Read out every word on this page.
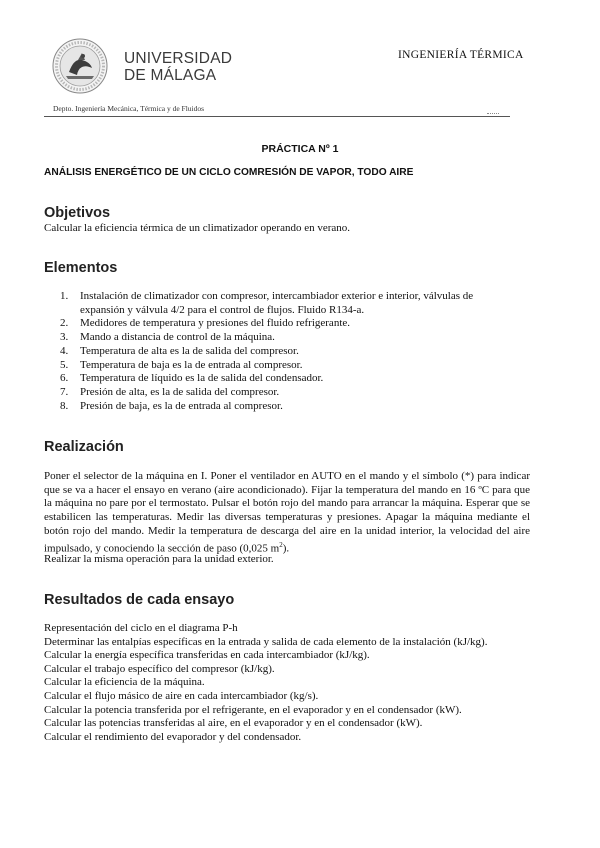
UNIVERSIDAD
DE MÁLAGA
INGENIERÍA TÉRMICA
Depto. Ingeniería Mecánica, Térmica y de Fluidos
PRÁCTICA Nº 1
ANÁLISIS ENERGÉTICO DE UN CICLO COMRESIÓN DE VAPOR, TODO AIRE
Objetivos
Calcular la eficiencia térmica de un climatizador operando en verano.
Elementos
1. Instalación de climatizador con compresor, intercambiador exterior e interior, válvulas de
expansión y válvula 4/2 para el control de flujos. Fluido R134-a.
2. Medidores de temperatura y presiones del fluido refrigerante.
3. Mando a distancia de control de la máquina.
4. Temperatura de alta es la de salida del compresor.
5. Temperatura de baja es la de entrada al compresor.
6. Temperatura de líquido es la de salida del condensador.
7. Presión de alta, es la de salida del compresor.
8. Presión de baja, es la de entrada al compresor.
Realización
Poner el selector de la máquina en I. Poner el ventilador en AUTO en el mando y el símbolo (*) para indicar que se va a hacer el ensayo en verano (aire acondicionado). Fijar la temperatura del mando en 16 ºC para que la máquina no pare por el termostato. Pulsar el botón rojo del mando para arrancar la máquina. Esperar que se estabilicen las temperaturas. Medir las diversas temperaturas y presiones. Apagar la máquina mediante el botón rojo del mando. Medir la temperatura de descarga del aire en la unidad interior, la velocidad del aire impulsado, y conociendo la sección de paso (0,025 $m^2$).
Realizar la misma operación para la unidad exterior.
Resultados de cada ensayo
Representación del ciclo en el diagrama P-h
Determinar las entalpías específicas en la entrada y salida de cada elemento de la instalación (kJ/kg).
Calcular la energía específica transferidas en cada intercambiador (kJ/kg).
Calcular el trabajo específico del compresor (kJ/kg).
Calcular la eficiencia de la máquina.
Calcular el flujo másico de aire en cada intercambiador (kg/s).
Calcular la potencia transferida por el refrigerante, en el evaporador y en el condensador (kW).
Calcular las potencias transferidas al aire, en el evaporador y en el condensador (kW).
Calcular el rendimiento del evaporador y del condensador.
